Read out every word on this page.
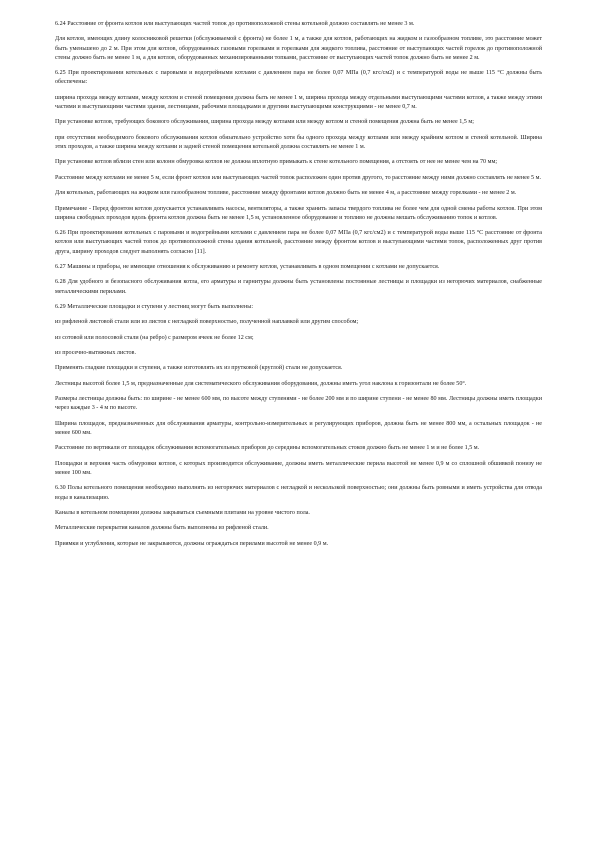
6.24 Расстояние от фронта котлов или выступающих частей топок до противоположной стены котельной должно составлять не менее 3 м.

Для котлов, имеющих длину колосниковой решетки (обслуживаемой с фронта) не более 1 м, а также для котлов, работающих на жидком и газообразном топливе, это расстояние может быть уменьшено до 2 м. При этом для котлов, оборудованных газовыми горелками и горелками для жидкого топлива, расстояние от выступающих частей горелок до противоположной стены должно быть не менее 1 м, а для котлов, оборудованных механизированными топками, расстояние от выступающих частей топок должно быть не менее 2 м.

6.25 При проектировании котельных с паровыми и водогрейными котлами с давлением пара не более 0,07 МПа (0,7 кгс/см2) и с температурой воды не выше 115 °С должны быть обеспечены:

ширина прохода между котлами, между котлом и стеной помещения должна быть не менее 1 м, ширина прохода между отдельными выступающими частями котлов, а также между этими частями и выступающими частями здания, лестницами, рабочими площадками и другими выступающими конструкциями - не менее 0,7 м.

При установке котлов, требующих бокового обслуживания, ширина прохода между котлами или между котлом и стеной помещения должна быть не менее 1,5 м;

при отсутствии необходимого бокового обслуживания котлов обязательно устройство хотя бы одного прохода между котлами или между крайним котлом и стеной котельной. Ширина этих проходов, а также ширина между котлами и задней стеной помещения котельной должна составлять не менее 1 м.

При установке котлов вблизи стен или колонн обмуровка котлов не должна вплотную примыкать к стене котельного помещения, а отстоять от нее не менее чем на 70 мм;

Расстояние между котлами не менее 5 м, если фронт котлов или выступающих частей топок расположен один против другого, то расстояние между ними должно составлять не менее 5 м.

Для котельных, работающих на жидком или газообразном топливе, расстояние между фронтами котлов должно быть не менее 4 м, а расстояние между горелками - не менее 2 м.

Примечание - Перед фронтом котлов допускается устанавливать насосы, вентиляторы, а также хранить запасы твердого топлива не более чем для одной смены работы котлов. При этом ширина свободных проходов вдоль фронта котлов должна быть не менее 1,5 м, установленное оборудование и топливо не должны мешать обслуживанию топок и котлов.

6.26 При проектировании котельных с паровыми и водогрейными котлами с давлением пара не более 0,07 МПа (0,7 кгс/см2) и с температурой воды выше 115 °С расстояние от фронта котлов или выступающих частей топок до противоположной стены здания котельной, расстояние между фронтом котлов и выступающими частями топок, расположенных друг против друга, ширину проходов следует выполнять согласно [11].

6.27 Машины и приборы, не имеющие отношения к обслуживанию и ремонту котлов, устанавливать в одном помещении с котлами не допускается.

6.28 Для удобного и безопасного обслуживания котла, его арматуры и гарнитуры должны быть установлены постоянные лестницы и площадки из негорючих материалов, снабженные металлическими перилами.

6.29 Металлические площадки и ступени у лестниц могут быть выполнены:

из рифленой листовой стали или из листов с негладкой поверхностью, полученной наплавкой или другим способом;

из сотовой или полосовой стали (на ребро) с размером ячеек не более 12 см;

из просечно-вытяжных листов.

Применять гладкие площадки и ступени, а также изготовлять их из прутковой (круглой) стали не допускается.

Лестницы высотой более 1,5 м, предназначенные для систематического обслуживания оборудования, должны иметь угол наклона к горизонтали не более 50°.

Размеры лестницы должны быть: по ширине - не менее 600 мм, по высоте между ступенями - не более 200 мм и по ширине ступени - не менее 80 мм. Лестницы должны иметь площадки через каждые 3 - 4 м по высоте.

Ширина площадок, предназначенных для обслуживания арматуры, контрольно-измерительных и регулирующих приборов, должна быть не менее 800 мм, а остальных площадок - не менее 600 мм.

Расстояние по вертикали от площадок обслуживания вспомогательных приборов до середины вспомогательных стоков должно быть не менее 1 м и не более 1,5 м.

Площадки и верхняя часть обмуровки котлов, с которых производится обслуживание, должны иметь металлические перила высотой не менее 0,9 м со сплошной обшивкой понизу не менее 100 мм.

6.30 Полы котельного помещения необходимо выполнять из негорючих материалов с негладкой и нескользкой поверхностью; они должны быть ровными и иметь устройства для отвода воды в канализацию.

Каналы в котельном помещении должны закрываться съемными плитами на уровне чистого пола.

Металлические перекрытия каналов должны быть выполнены из рифленой стали.

Приямки и углубления, которые не закрываются, должны ограждаться перилами высотой не менее 0,9 м.
